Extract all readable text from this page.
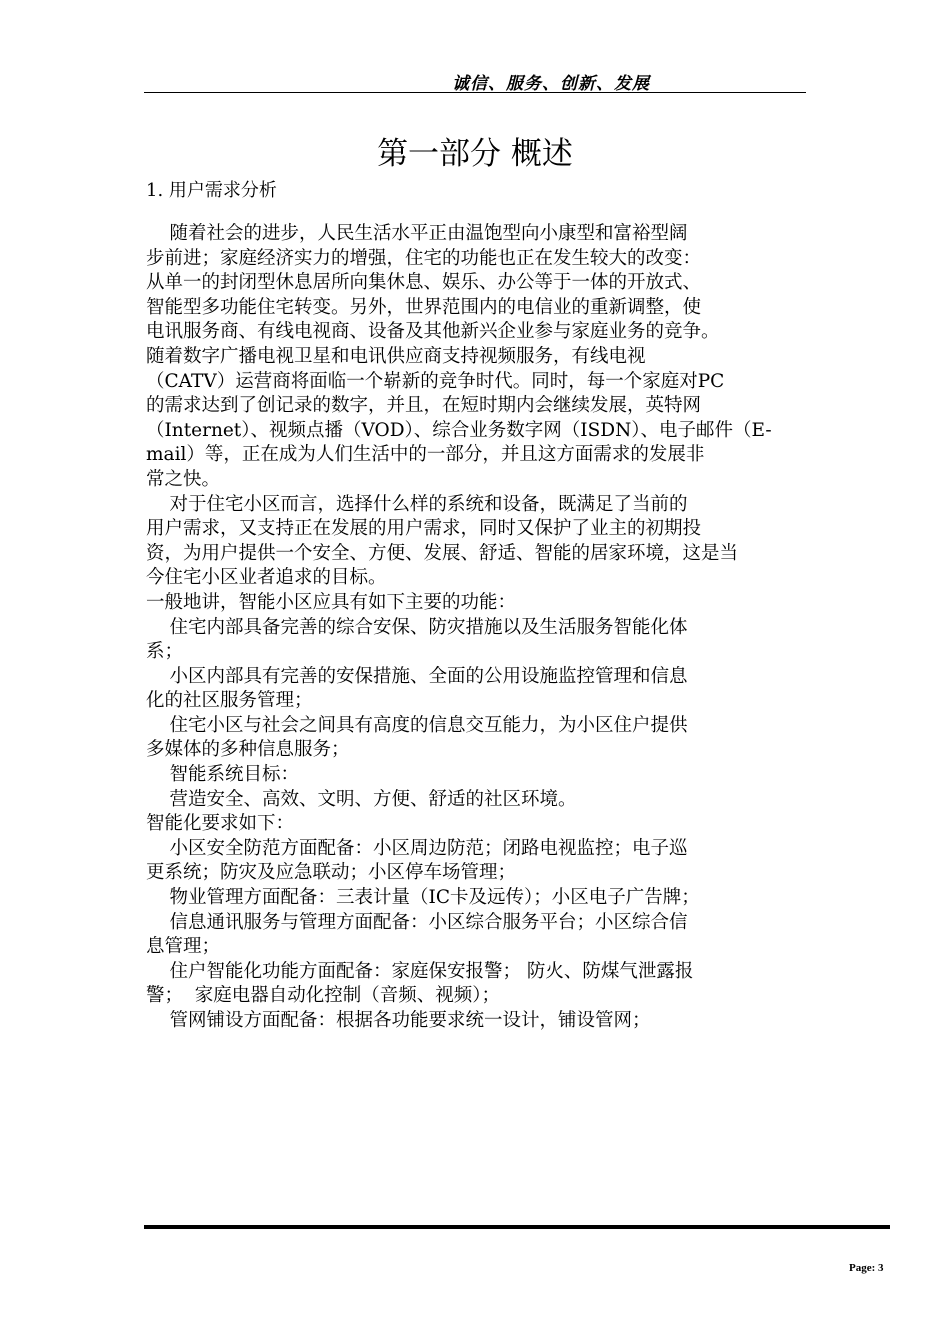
诚信、服务、创新、发展
第一部分 概述
1. 用户需求分析
随着社会的进步，人民生活水平正由温饱型向小康型和富裕型阔
步前进；家庭经济实力的增强，住宅的功能也正在发生较大的改变：
从单一的封闭型休息居所向集休息、娱乐、办公等于一体的开放式、
智能型多功能住宅转变。另外，世界范围内的电信业的重新调整，使
电讯服务商、有线电视商、设备及其他新兴企业参与家庭业务的竞争。
随着数字广播电视卫星和电讯供应商支持视频服务，有线电视
（CATV）运营商将面临一个崭新的竞争时代。同时，每一个家庭对PC
的需求达到了创记录的数字，并且，在短时期内会继续发展，英特网
（Internet）、视频点播（VOD）、综合业务数字网（ISDN）、电子邮件（E-
mail）等，正在成为人们生活中的一部分，并且这方面需求的发展非
常之快。
对于住宅小区而言，选择什么样的系统和设备，既满足了当前的
用户需求，又支持正在发展的用户需求，同时又保护了业主的初期投
资，为用户提供一个安全、方便、发展、舒适、智能的居家环境，这是当
今住宅小区业者追求的目标。
一般地讲，智能小区应具有如下主要的功能：
住宅内部具备完善的综合安保、防灾措施以及生活服务智能化体
系；
小区内部具有完善的安保措施、全面的公用设施监控管理和信息
化的社区服务管理；
住宅小区与社会之间具有高度的信息交互能力，为小区住户提供
多媒体的多种信息服务；
智能系统目标：
营造安全、高效、文明、方便、舒适的社区环境。
智能化要求如下：
小区安全防范方面配备：小区周边防范；闭路电视监控；电子巡
更系统；防灾及应急联动；小区停车场管理；
物业管理方面配备：三表计量（IC卡及远传）；小区电子广告牌；
信息通讯服务与管理方面配备：小区综合服务平台；小区综合信
息管理；
住户智能化功能方面配备：家庭保安报警； 防火、防煤气泄露报
警；  家庭电器自动化控制（音频、视频）；
管网铺设方面配备：根据各功能要求统一设计，铺设管网；
Page: 3
